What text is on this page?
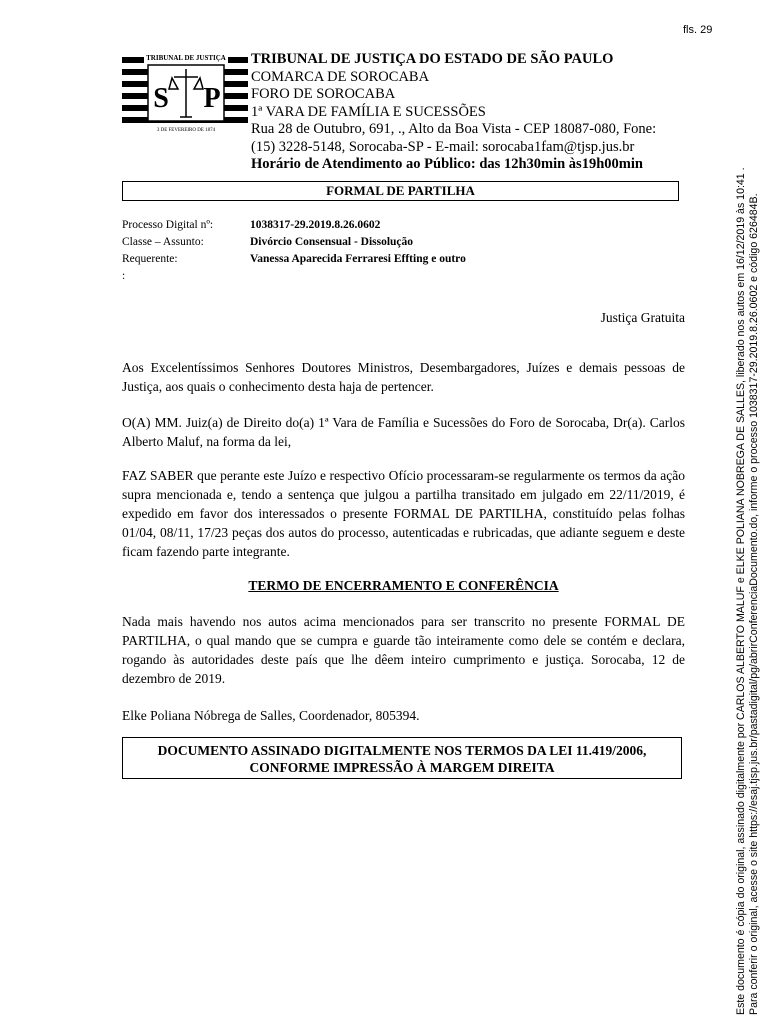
fls. 29
TRIBUNAL DE JUSTIÇA
S P
3 DE FEVEREIRO DE 1874
TRIBUNAL DE JUSTIÇA DO ESTADO DE SÃO PAULO
COMARCA DE SOROCABA
FORO DE SOROCABA
1ª VARA DE FAMÍLIA E SUCESSÕES
Rua 28 de Outubro, 691, ., Alto da Boa Vista - CEP 18087-080, Fone:
(15) 3228-5148, Sorocaba-SP - E-mail: sorocaba1fam@tjsp.jus.br
Horário de Atendimento ao Público: das 12h30min às19h00min
FORMAL DE PARTILHA
Processo Digital nº:	1038317-29.2019.8.26.0602
Classe – Assunto:	Divórcio Consensual - Dissolução
Requerente:	Vanessa Aparecida Ferraresi Effting e outro
:
Justiça Gratuita
Aos Excelentíssimos Senhores Doutores Ministros, Desembargadores, Juízes e demais pessoas de Justiça, aos quais o conhecimento desta haja de pertencer.
O(A) MM. Juiz(a) de Direito do(a) 1ª Vara de Família e Sucessões do Foro de Sorocaba, Dr(a). Carlos Alberto Maluf, na forma da lei,
FAZ SABER que perante este Juízo e respectivo Ofício processaram-se regularmente os termos da ação supra mencionada e, tendo a sentença que julgou a partilha transitado em julgado em 22/11/2019, é expedido em favor dos interessados o presente FORMAL DE PARTILHA, constituído pelas folhas 01/04, 08/11, 17/23 peças dos autos do processo, autenticadas e rubricadas, que adiante seguem e deste ficam fazendo parte integrante.
TERMO DE ENCERRAMENTO E CONFERÊNCIA
Nada mais havendo nos autos acima mencionados para ser transcrito no presente FORMAL DE PARTILHA, o qual mando que se cumpra e guarde tão inteiramente como dele se contém e declara, rogando às autoridades deste país que lhe dêem inteiro cumprimento e justiça. Sorocaba, 12 de dezembro de 2019.
Elke Poliana Nóbrega de Salles, Coordenador, 805394.
DOCUMENTO ASSINADO DIGITALMENTE NOS TERMOS DA LEI 11.419/2006,
CONFORME IMPRESSÃO À MARGEM DIREITA	Este documento é cópia do original, assinado digitalmente por CARLOS ALBERTO MALUF e ELKE POLIANA NOBREGA DE SALLES, liberado nos autos em 16/12/2019 às 10:41 . Para conferir o original, acesse o site https://esaj.tjsp.jus.br/pastadigital/pg/abrirConferenciaDocumento.do, informe o processo 1038317-29.2019.8.26.0602 e código 626484B.
